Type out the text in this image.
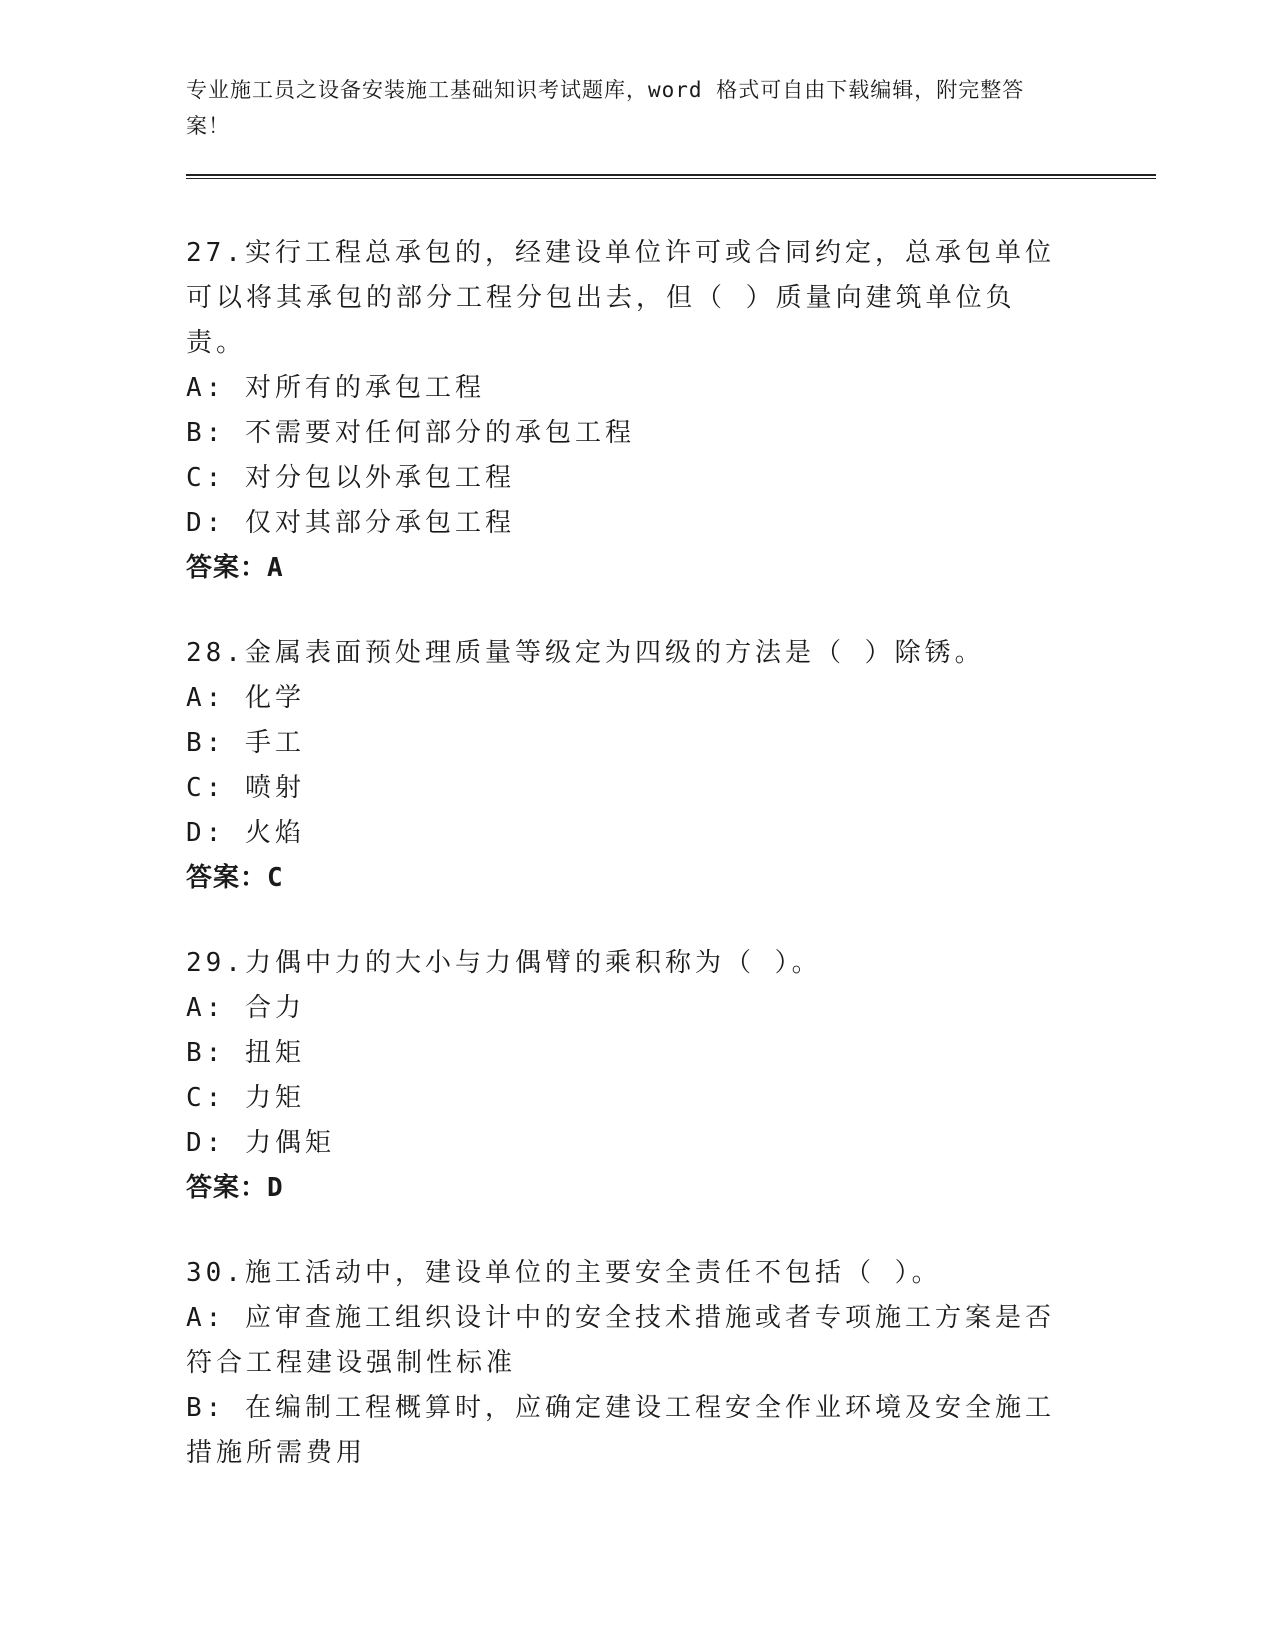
专业施工员之设备安装施工基础知识考试题库，word 格式可自由下载编辑，附完整答案！

27.实行工程总承包的，经建设单位许可或合同约定，总承包单位可以将其承包的部分工程分包出去，但（ ）质量向建筑单位负责。

A: 对所有的承包工程

B: 不需要对任何部分的承包工程

C: 对分包以外承包工程

D: 仅对其部分承包工程

答案：A

28.金属表面预处理质量等级定为四级的方法是（ ）除锈。

A: 化学

B: 手工

C: 喷射

D: 火焰

答案：C

29.力偶中力的大小与力偶臂的乘积称为（ ）。

A: 合力

B: 扭矩

C: 力矩

D: 力偶矩

答案：D

30.施工活动中，建设单位的主要安全责任不包括（ ）。

A: 应审查施工组织设计中的安全技术措施或者专项施工方案是否符合工程建设强制性标准

B: 在编制工程概算时，应确定建设工程安全作业环境及安全施工措施所需费用
